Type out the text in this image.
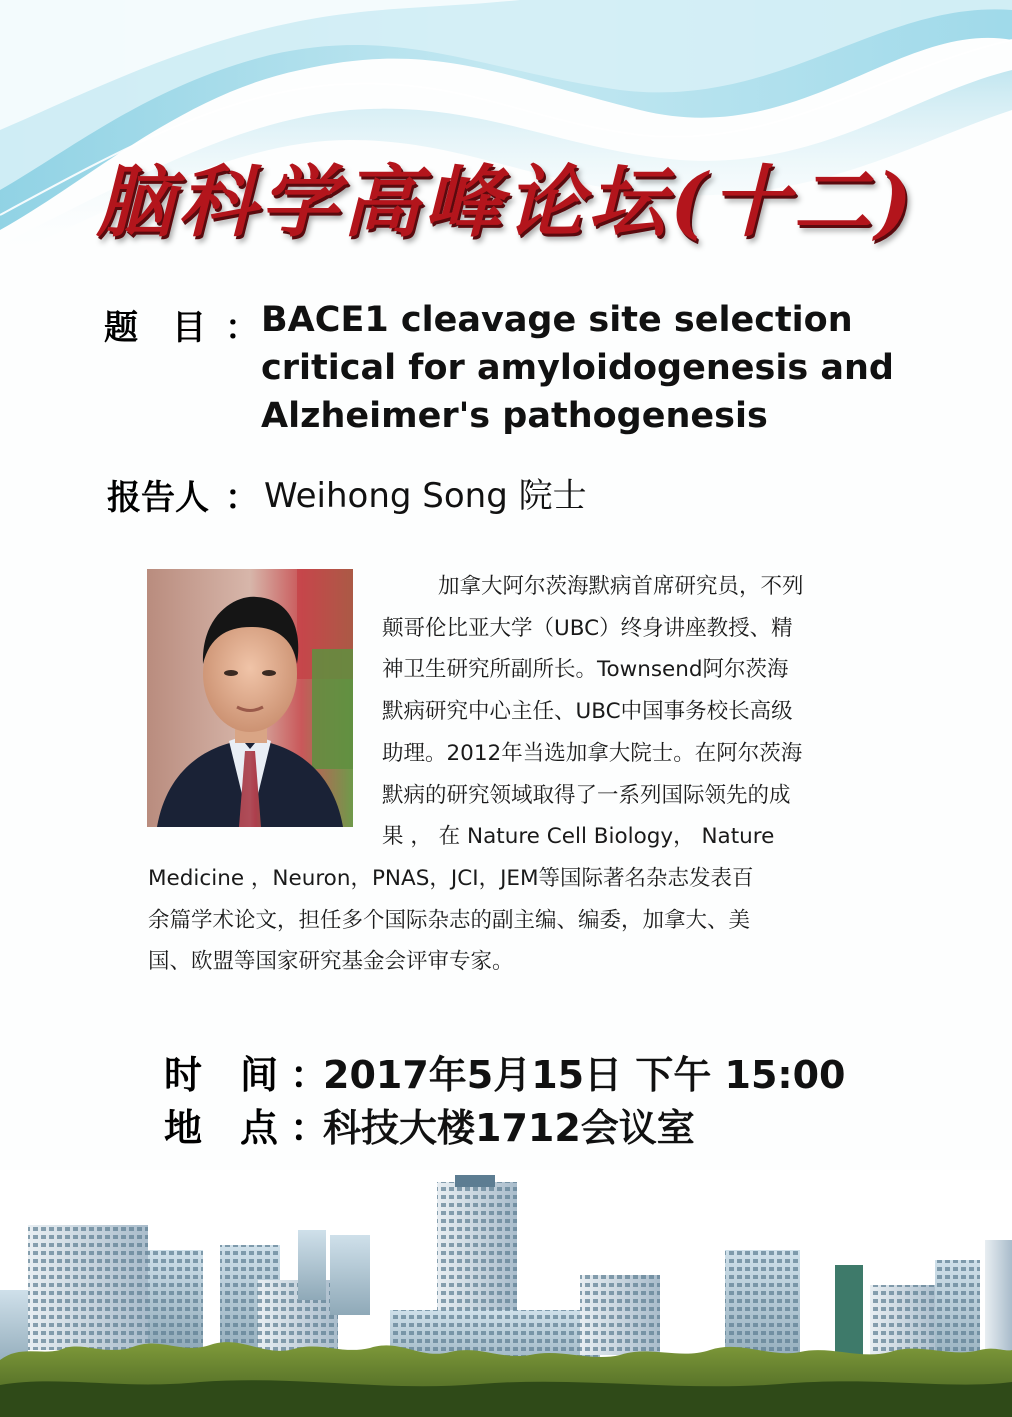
脑科学高峰论坛(十二)
题　目 ： BACE1 cleavage site selection
critical for amyloidogenesis and
Alzheimer's pathogenesis
报告人 ： Weihong Song 院士
加拿大阿尔茨海默病首席研究员，不列
颠哥伦比亚大学（UBC）终身讲座教授、精
神卫生研究所副所长。Townsend阿尔茨海
默病研究中心主任、UBC中国事务校长高级
助理。2012年当选加拿大院士。在阿尔茨海
默病的研究领域取得了一系列国际领先的成
果 ， 在 Nature Cell Biology， Nature
Medicine ，Neuron，PNAS，JCI，JEM等国际著名杂志发表百
余篇学术论文，担任多个国际杂志的副主编、编委，加拿大、美
国、欧盟等国家研究基金会评审专家。
时　间 ：
2017年5月15日 下午 15:00
地　点 ：
科技大楼1712会议室
